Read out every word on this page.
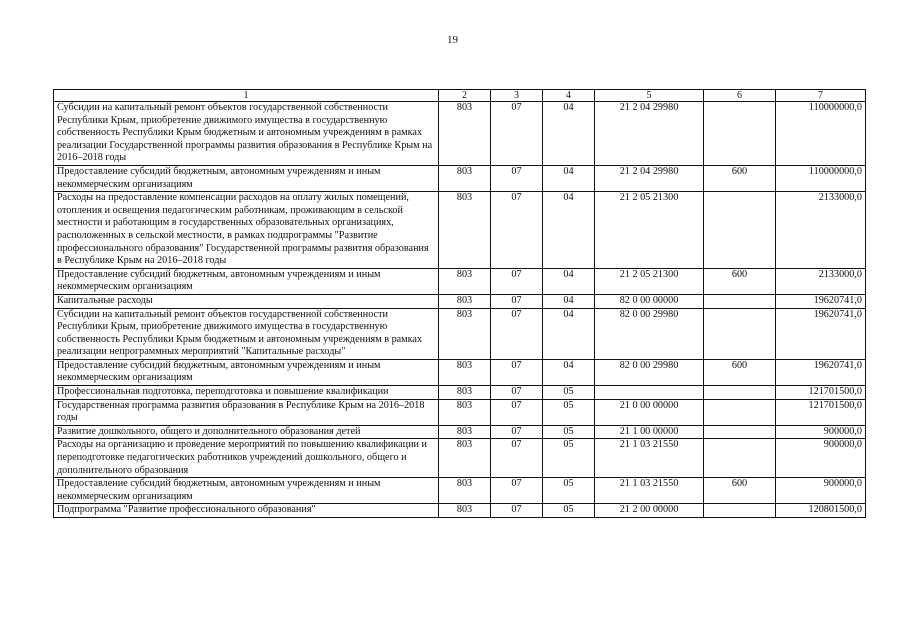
19
1	2	3	4	5	6	7
Субсидии на капитальный ремонт объектов государственной собственности Республики Крым, приобретение движимого имущества в государственную собственность Республики Крым бюджетным и автономным учреждениям в рамках реализации Государственной программы развития образования в Республике Крым на 2016–2018 годы	803	07	04	21 2 04 29980		110000000,0
Предоставление субсидий бюджетным, автономным учреждениям и иным некоммерческим организациям	803	07	04	21 2 04 29980	600	110000000,0
Расходы на предоставление компенсации расходов на оплату жилых помещений, отопления и освещения педагогическим работникам, проживающим в сельской местности и работающим в государственных образовательных организациях, расположенных в сельской местности, в рамках подпрограммы "Развитие профессионального образования" Государственной программы развития образования в Республике Крым на 2016–2018 годы	803	07	04	21 2 05 21300		2133000,0
Предоставление субсидий бюджетным, автономным учреждениям и иным некоммерческим организациям	803	07	04	21 2 05 21300	600	2133000,0
Капитальные расходы	803	07	04	82 0 00 00000		19620741,0
Субсидии на капитальный ремонт объектов государственной собственности Республики Крым, приобретение движимого имущества в государственную собственность Республики Крым бюджетным и автономным учреждениям в рамках реализации непрограммных мероприятий "Капитальные расходы"	803	07	04	82 0 00 29980		19620741,0
Предоставление субсидий бюджетным, автономным учреждениям и иным некоммерческим организациям	803	07	04	82 0 00 29980	600	19620741,0
Профессиональная подготовка, переподготовка и повышение квалификации	803	07	05			121701500,0
Государственная программа развития образования в Республике Крым на 2016–2018 годы	803	07	05	21 0 00 00000		121701500,0
Развитие дошкольного, общего и дополнительного образования детей	803	07	05	21 1 00 00000		900000,0
Расходы на организацию и проведение мероприятий по повышению квалификации и переподготовке педагогических работников учреждений дошкольного, общего и дополнительного образования	803	07	05	21 1 03 21550		900000,0
Предоставление субсидий бюджетным, автономным учреждениям и иным некоммерческим организациям	803	07	05	21 1 03 21550	600	900000,0
Подпрограмма "Развитие профессионального образования"	803	07	05	21 2 00 00000		120801500,0
